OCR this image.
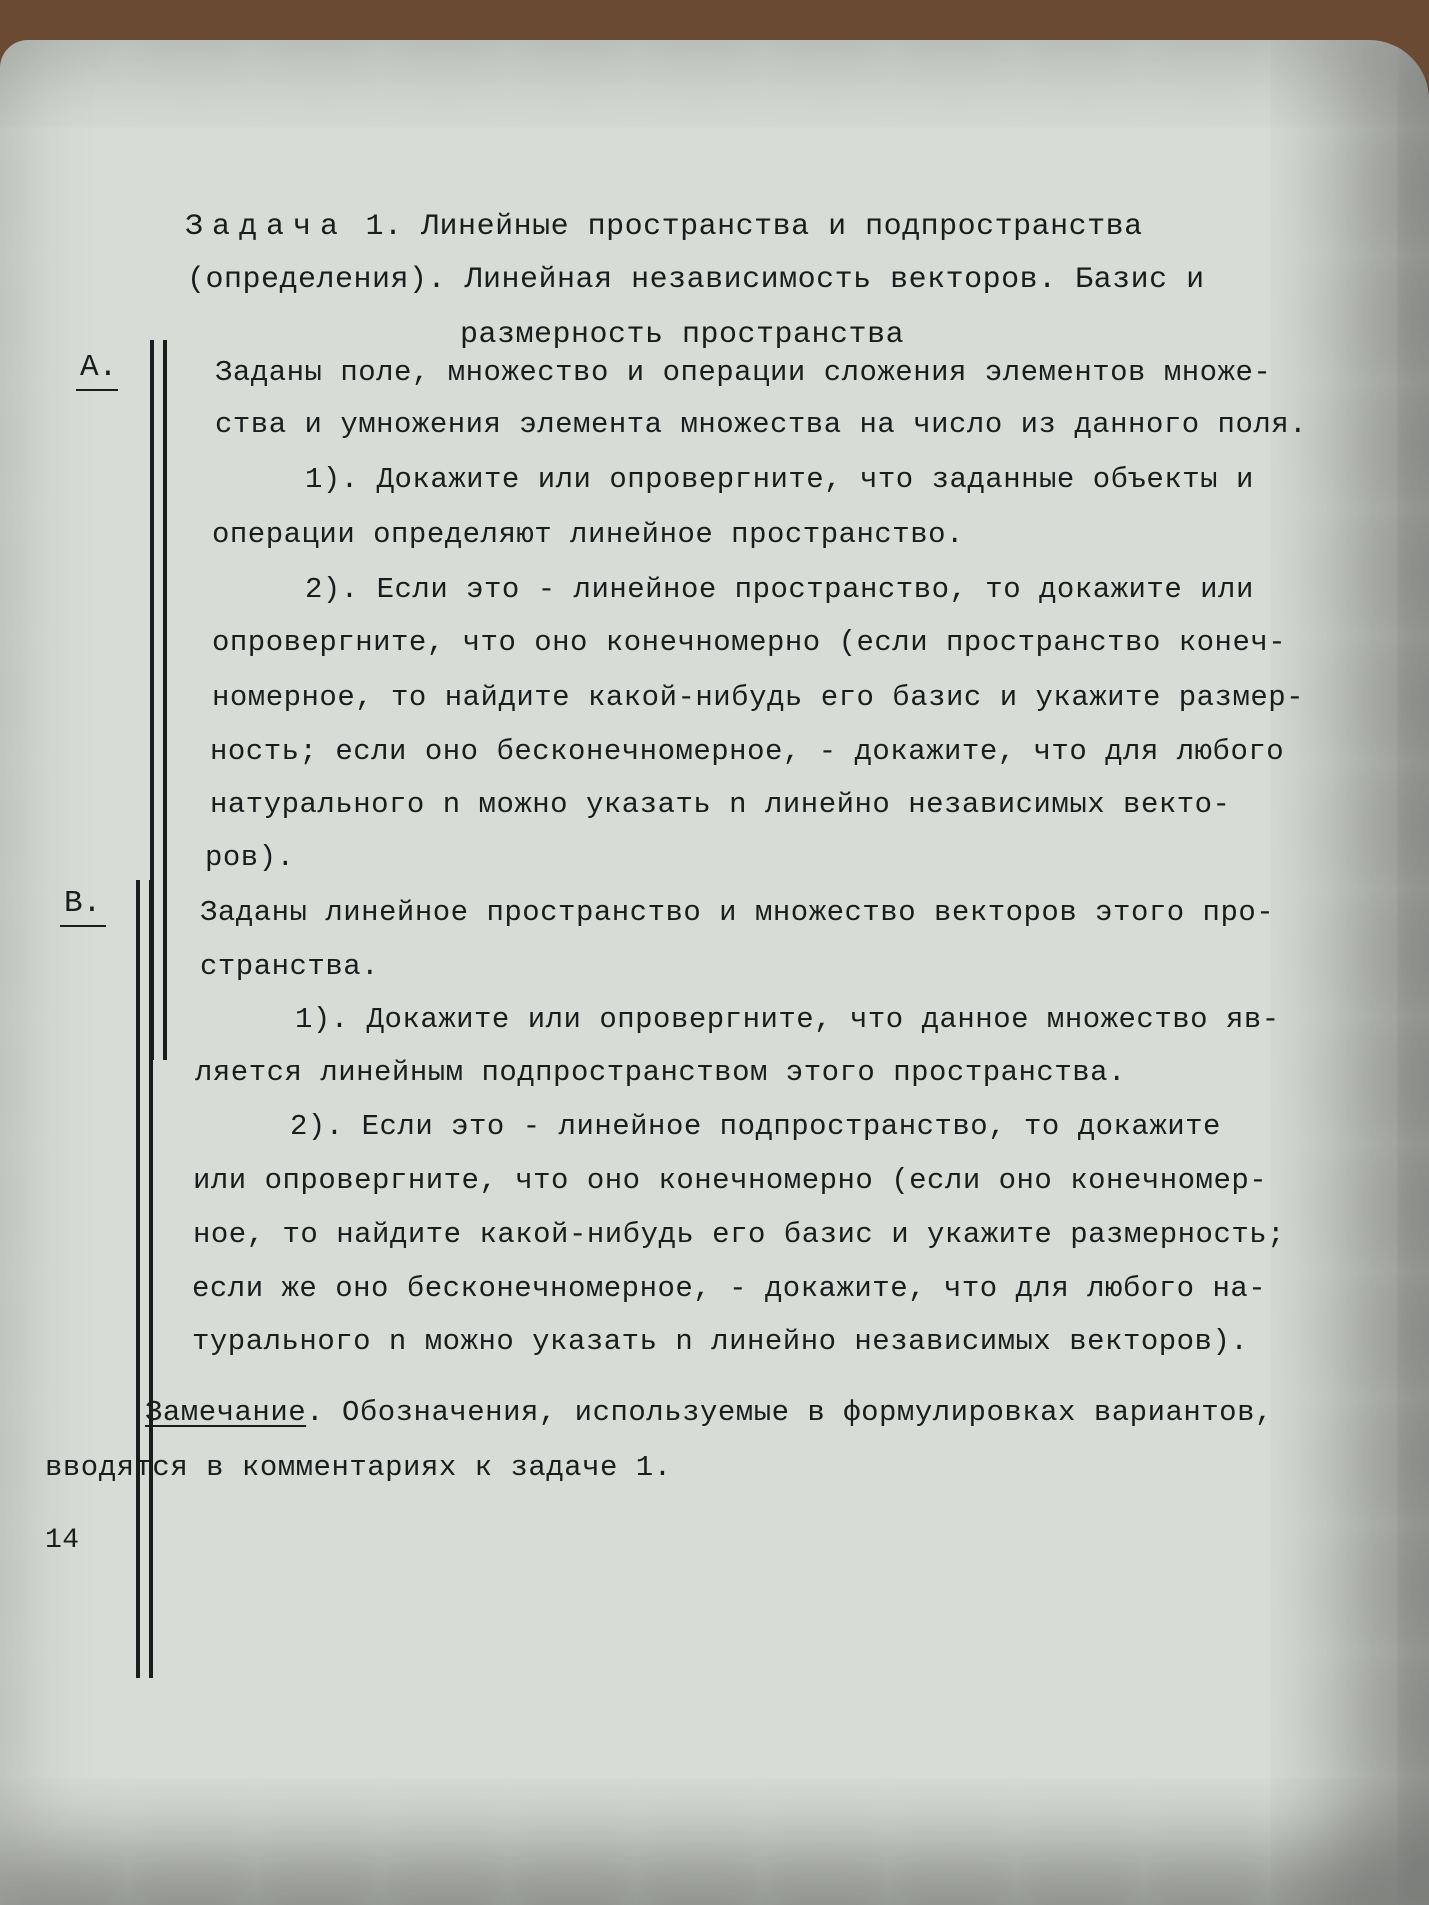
Задача 1. Линейные пространства и подпространства
(определения). Линейная независимость векторов. Базис и
размерность пространства
А.	Заданы поле, множество и операции сложения элементов множе-
ства и умножения элемента множества на число из данного поля.
1). Докажите или опровергните, что заданные объекты и
операции определяют линейное пространство.
2). Если это - линейное пространство, то докажите или
опровергните, что оно конечномерно (если пространство конеч-
номерное, то найдите какой-нибудь его базис и укажите размер-
ность; если оно бесконечномерное, - докажите, что для любого
натурального n можно указать n линейно независимых векто-
ров).
В.	Заданы линейное пространство и множество векторов этого про-
странства.
1). Докажите или опровергните, что данное множество яв-
ляется линейным подпространством этого пространства.
2). Если это - линейное подпространство, то докажите
или опровергните, что оно конечномерно (если оно конечномер-
ное, то найдите какой-нибудь его базис и укажите размерность;
если же оно бесконечномерное, - докажите, что для любого на-
турального n можно указать n линейно независимых векторов).
Замечание. Обозначения, используемые в формулировках вариантов,
вводятся в комментариях к задаче 1.
14
